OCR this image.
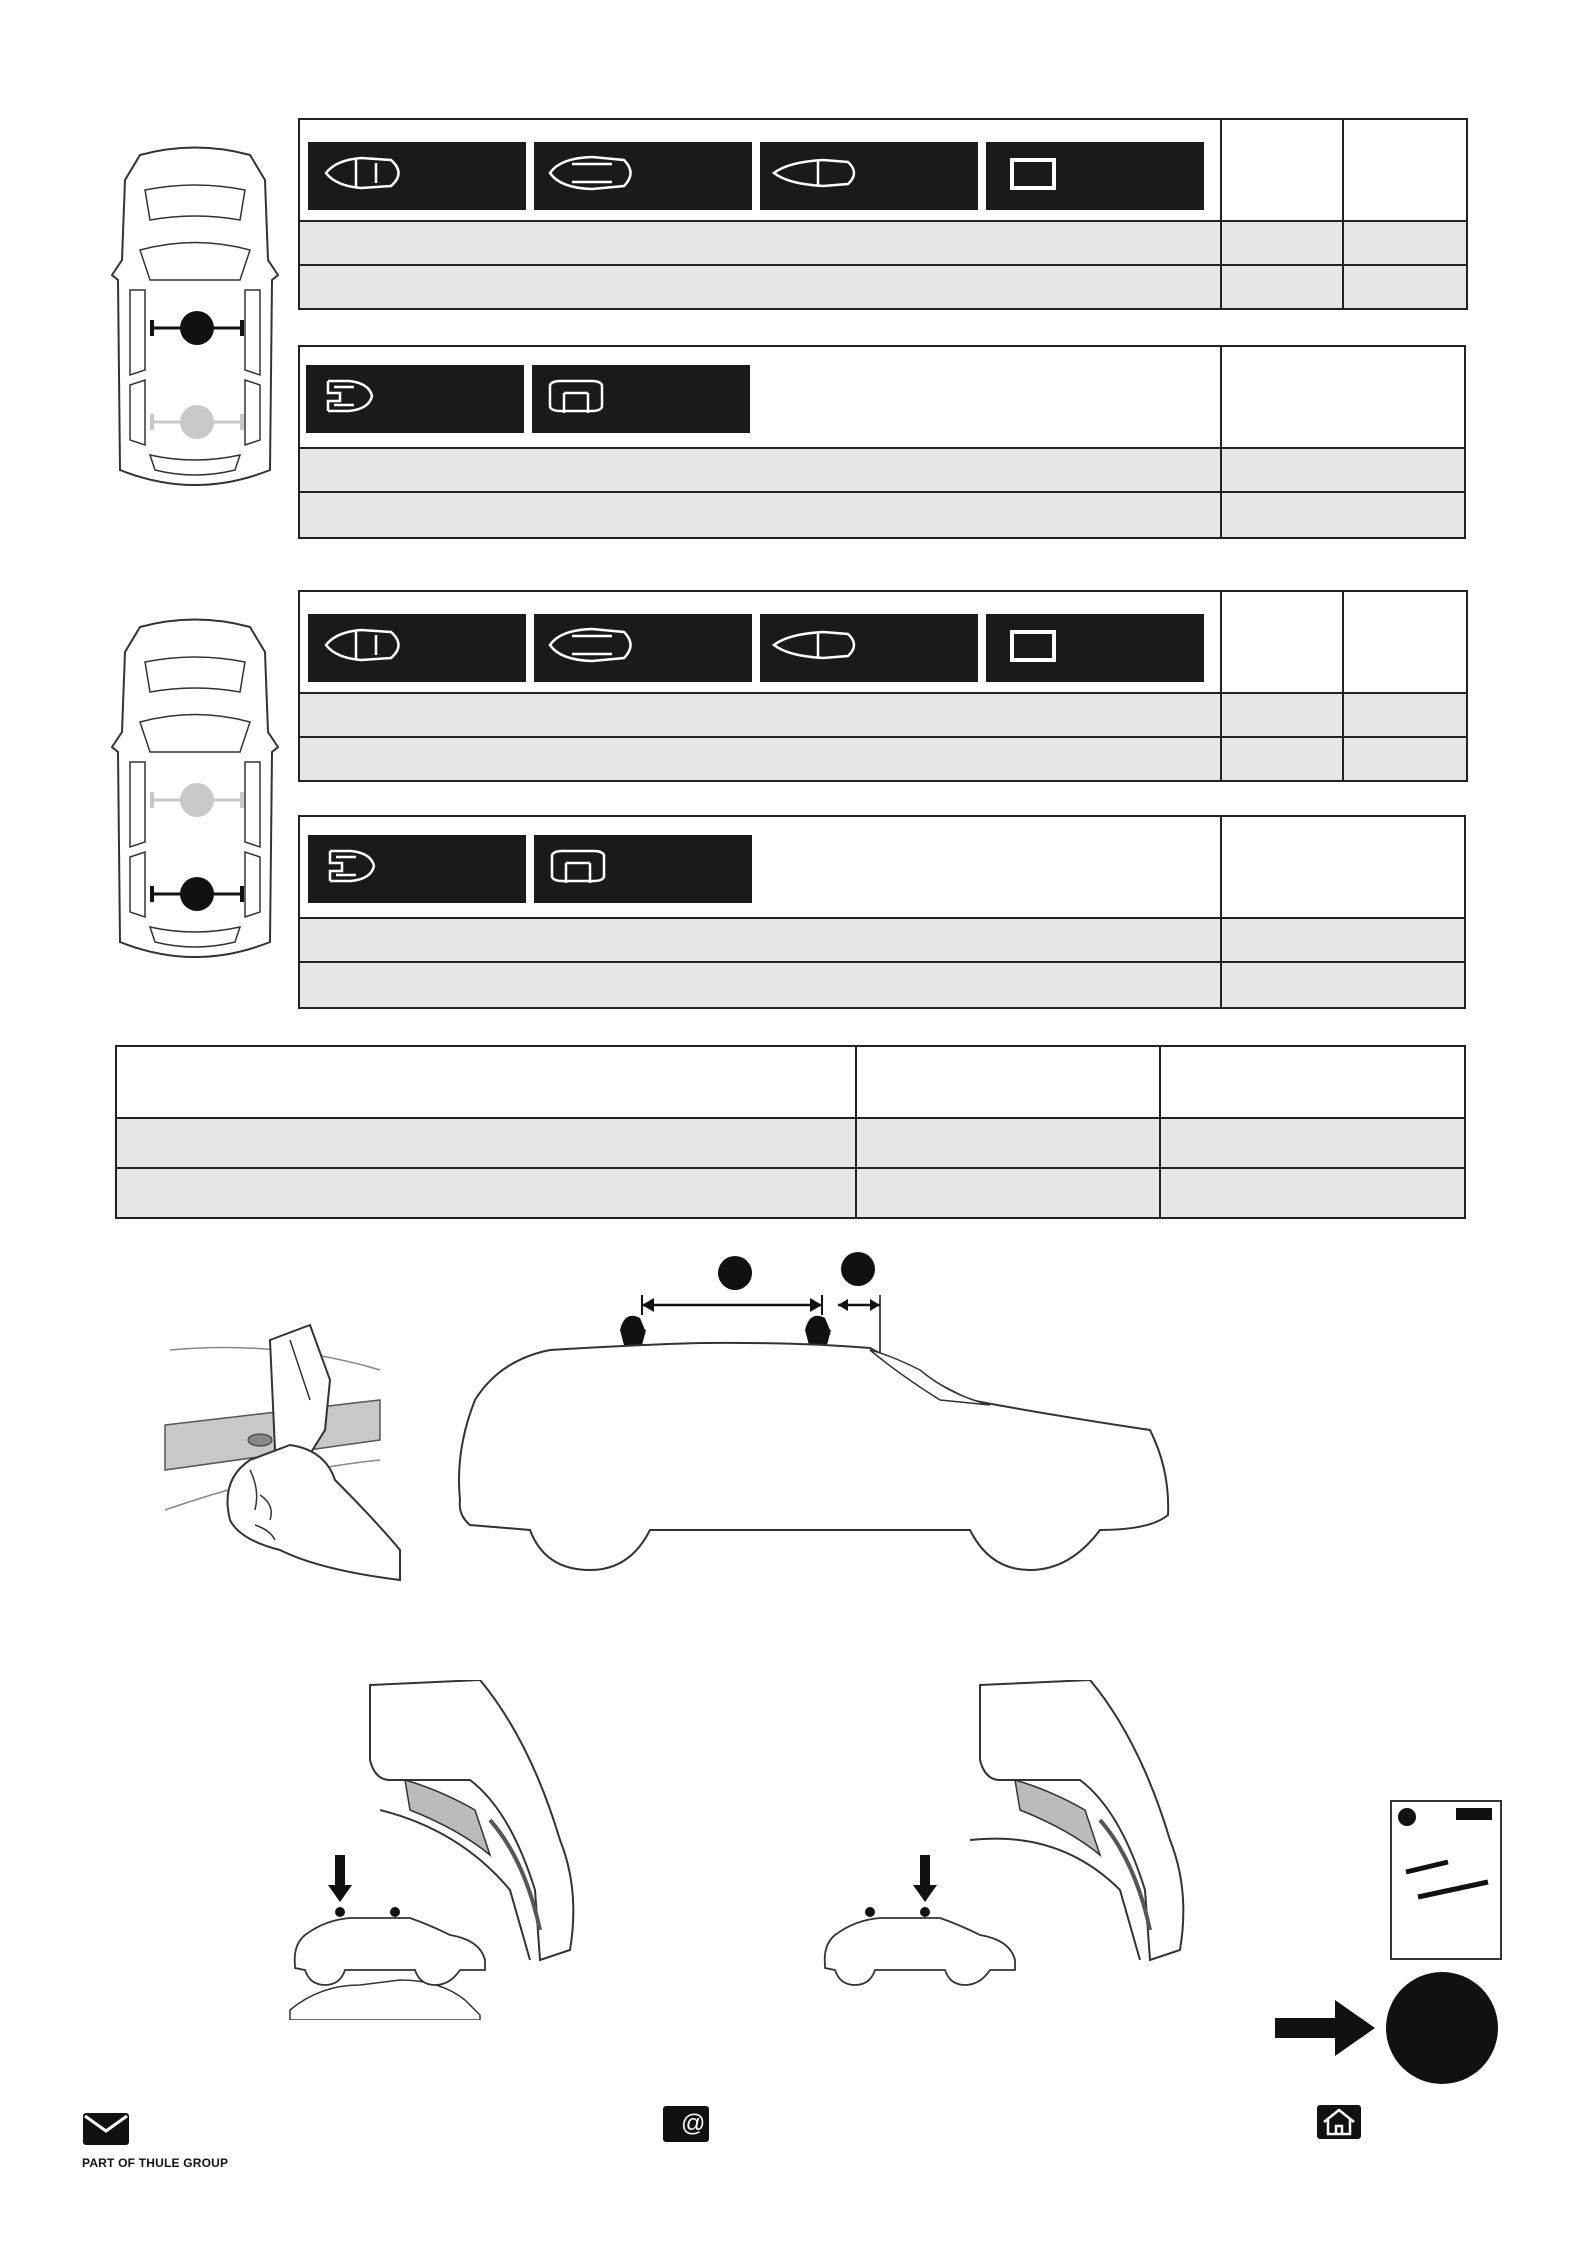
PART OF THULE GROUP
@
